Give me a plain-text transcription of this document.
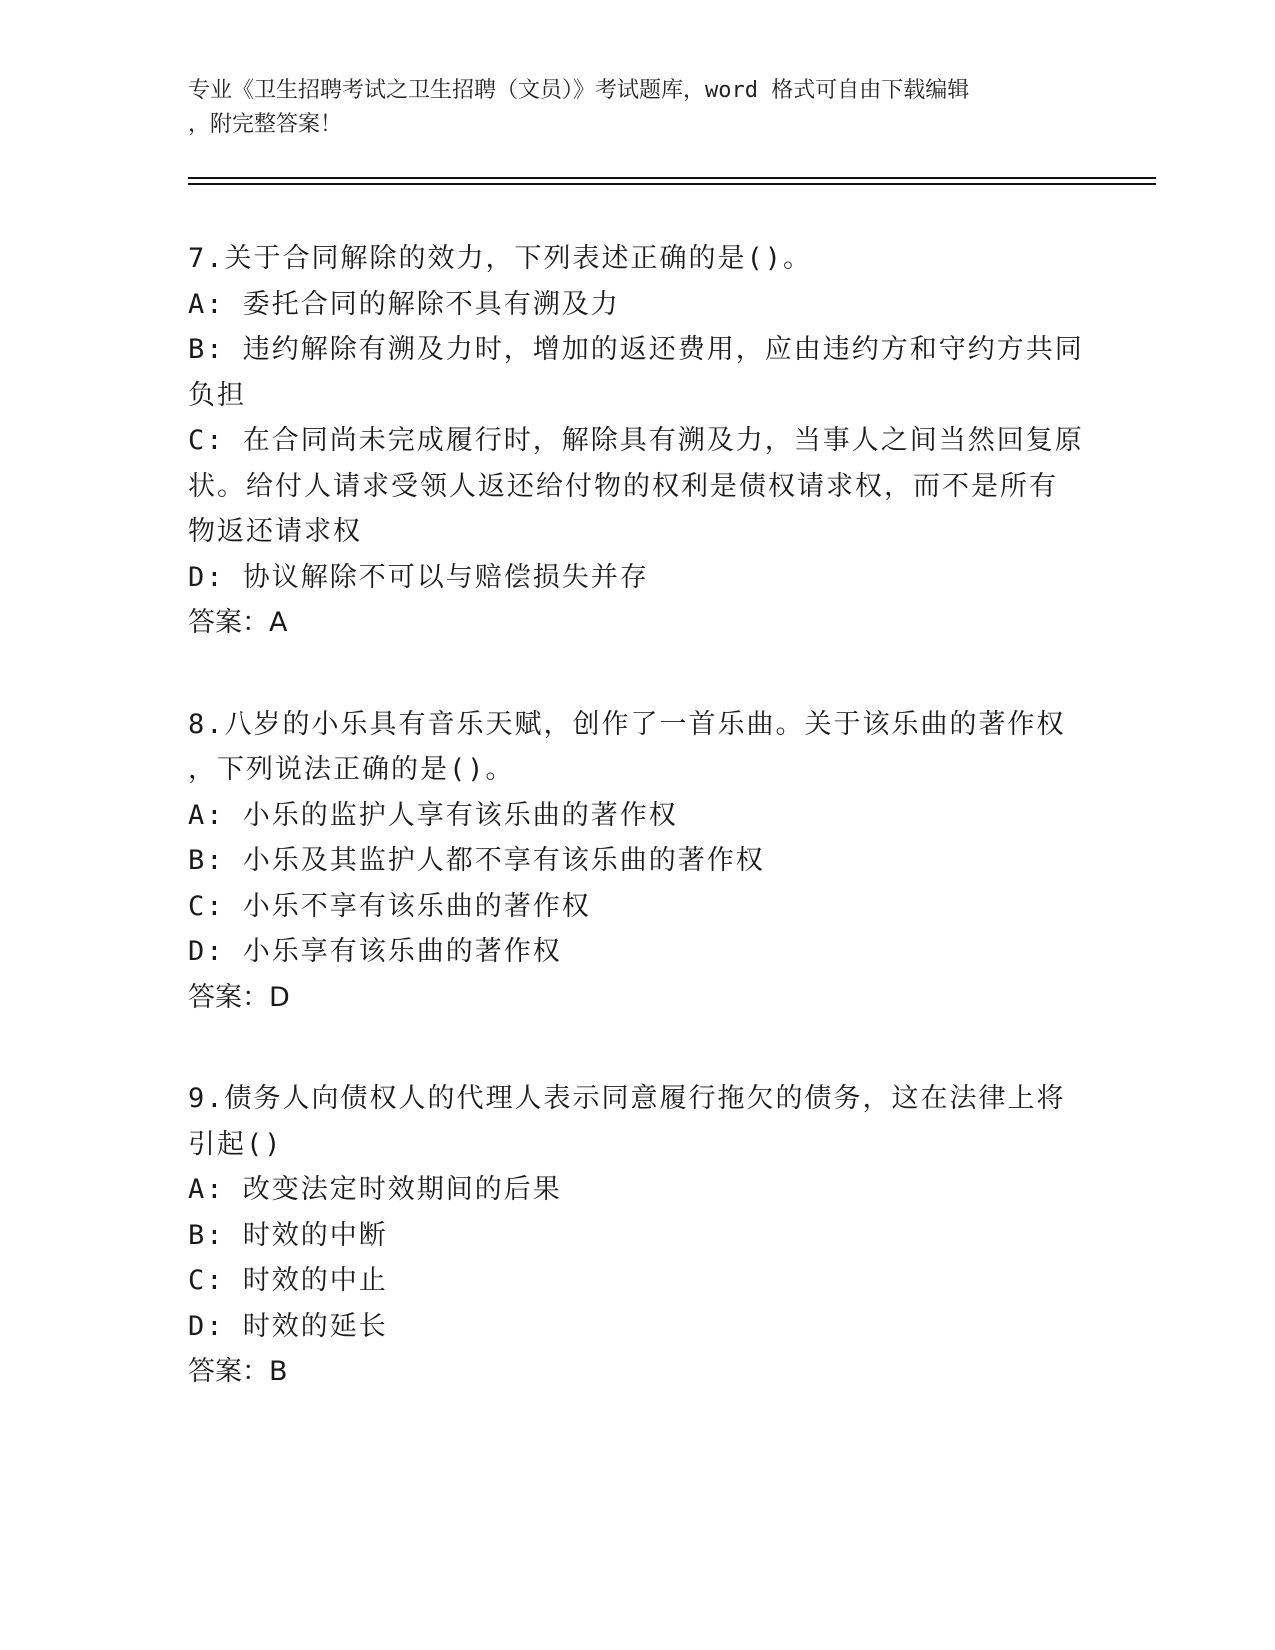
专业《卫生招聘考试之卫生招聘（文员）》考试题库，word 格式可自由下载编辑

，附完整答案！

7.关于合同解除的效力，下列表述正确的是()。

A: 委托合同的解除不具有溯及力

B: 违约解除有溯及力时，增加的返还费用，应由违约方和守约方共同

负担

C: 在合同尚未完成履行时，解除具有溯及力，当事人之间当然回复原

状。给付人请求受领人返还给付物的权利是债权请求权，而不是所有

物返还请求权

D: 协议解除不可以与赔偿损失并存

答案：A

8.八岁的小乐具有音乐天赋，创作了一首乐曲。关于该乐曲的著作权

，下列说法正确的是()。

A: 小乐的监护人享有该乐曲的著作权

B: 小乐及其监护人都不享有该乐曲的著作权

C: 小乐不享有该乐曲的著作权

D: 小乐享有该乐曲的著作权

答案：D

9.债务人向债权人的代理人表示同意履行拖欠的债务，这在法律上将

引起()

A: 改变法定时效期间的后果

B: 时效的中断

C: 时效的中止

D: 时效的延长

答案：B
